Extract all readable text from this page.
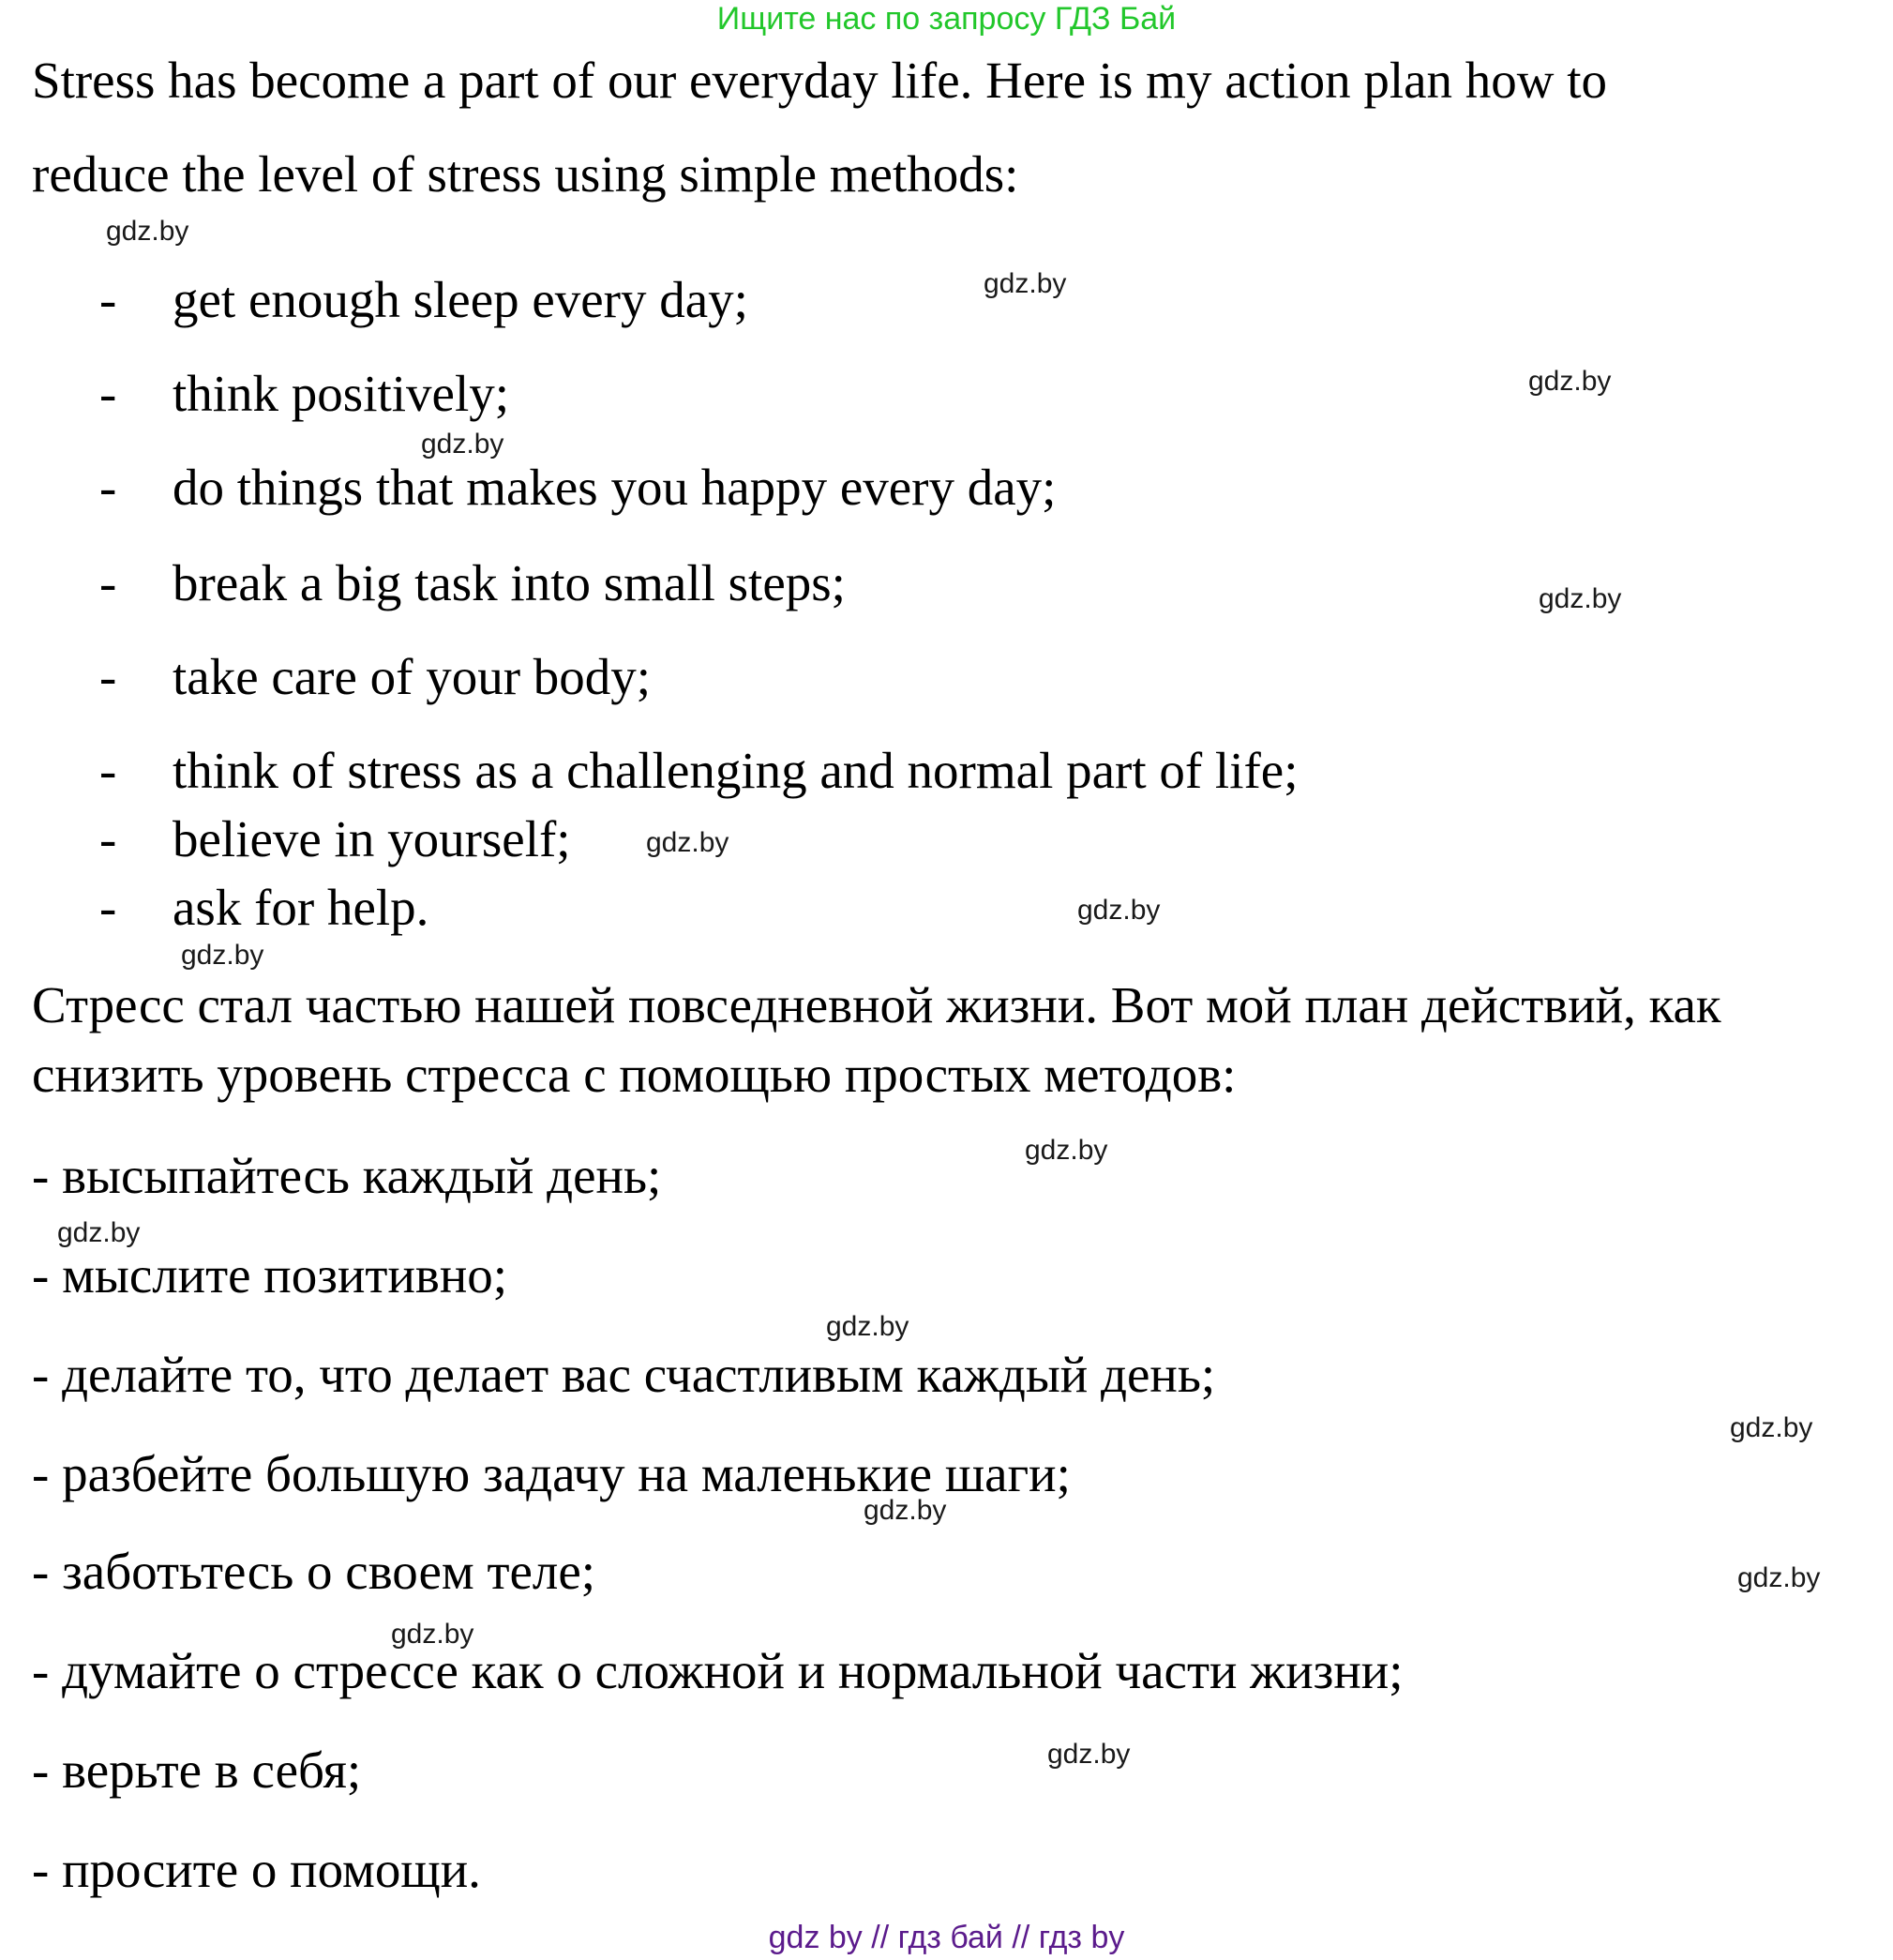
Ищите нас по запросу ГДЗ Бай
Stress has become a part of our everyday life. Here is my action plan how to
reduce the level of stress using simple methods:
- get enough sleep every day;
- think positively;
- do things that makes you happy every day;
- break a big task into small steps;
- take care of your body;
- think of stress as a challenging and normal part of life;
- believe in yourself;
- ask for help.
Стресс стал частью нашей повседневной жизни. Вот мой план действий, как
снизить уровень стресса с помощью простых методов:
- высыпайтесь каждый день;
- мыслите позитивно;
- делайте то, что делает вас счастливым каждый день;
- разбейте большую задачу на маленькие шаги;
- заботьтесь о своем теле;
- думайте о стрессе как о сложной и нормальной части жизни;
- верьте в себя;
- просите о помощи.
gdz.by
gdz.by
gdz.by
gdz.by
gdz.by
gdz.by
gdz.by
gdz.by
gdz.by
gdz.by
gdz.by
gdz.by
gdz.by
gdz.by
gdz.by
gdz.by
gdz by // гдз бай // гдз by
